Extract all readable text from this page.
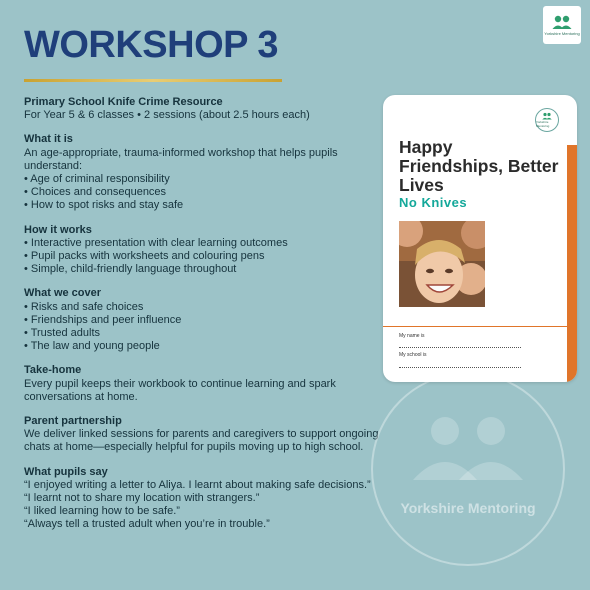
WORKSHOP 3	Yorkshire Mentoring
Primary School Knife Crime Resource
For Year 5 & 6 classes • 2 sessions (about 2.5 hours each)
What it is
An age-appropriate, trauma-informed workshop that helps pupils
understand:
• Age of criminal responsibility
• Choices and consequences
• How to spot risks and stay safe
How it works
• Interactive presentation with clear learning outcomes
• Pupil packs with worksheets and colouring pens
• Simple, child-friendly language throughout
What we cover
• Risks and safe choices
• Friendships and peer influence
• Trusted adults
• The law and young people
Take-home
Every pupil keeps their workbook to continue learning and spark
conversations at home.
Parent partnership
We deliver linked sessions for parents and caregivers to support ongoing
chats at home—especially helpful for pupils moving up to high school.
What pupils say
“I enjoyed writing a letter to Aliya. I learnt about making safe decisions.”
“I learnt not to share my location with strangers.”
“I liked learning how to be safe.”
“Always tell a trusted adult when you’re in trouble.”
Yorkshire Mentoring
Yorkshire Mentoring
Happy Friendships, Better Lives
No Knives
My name is
My school is
